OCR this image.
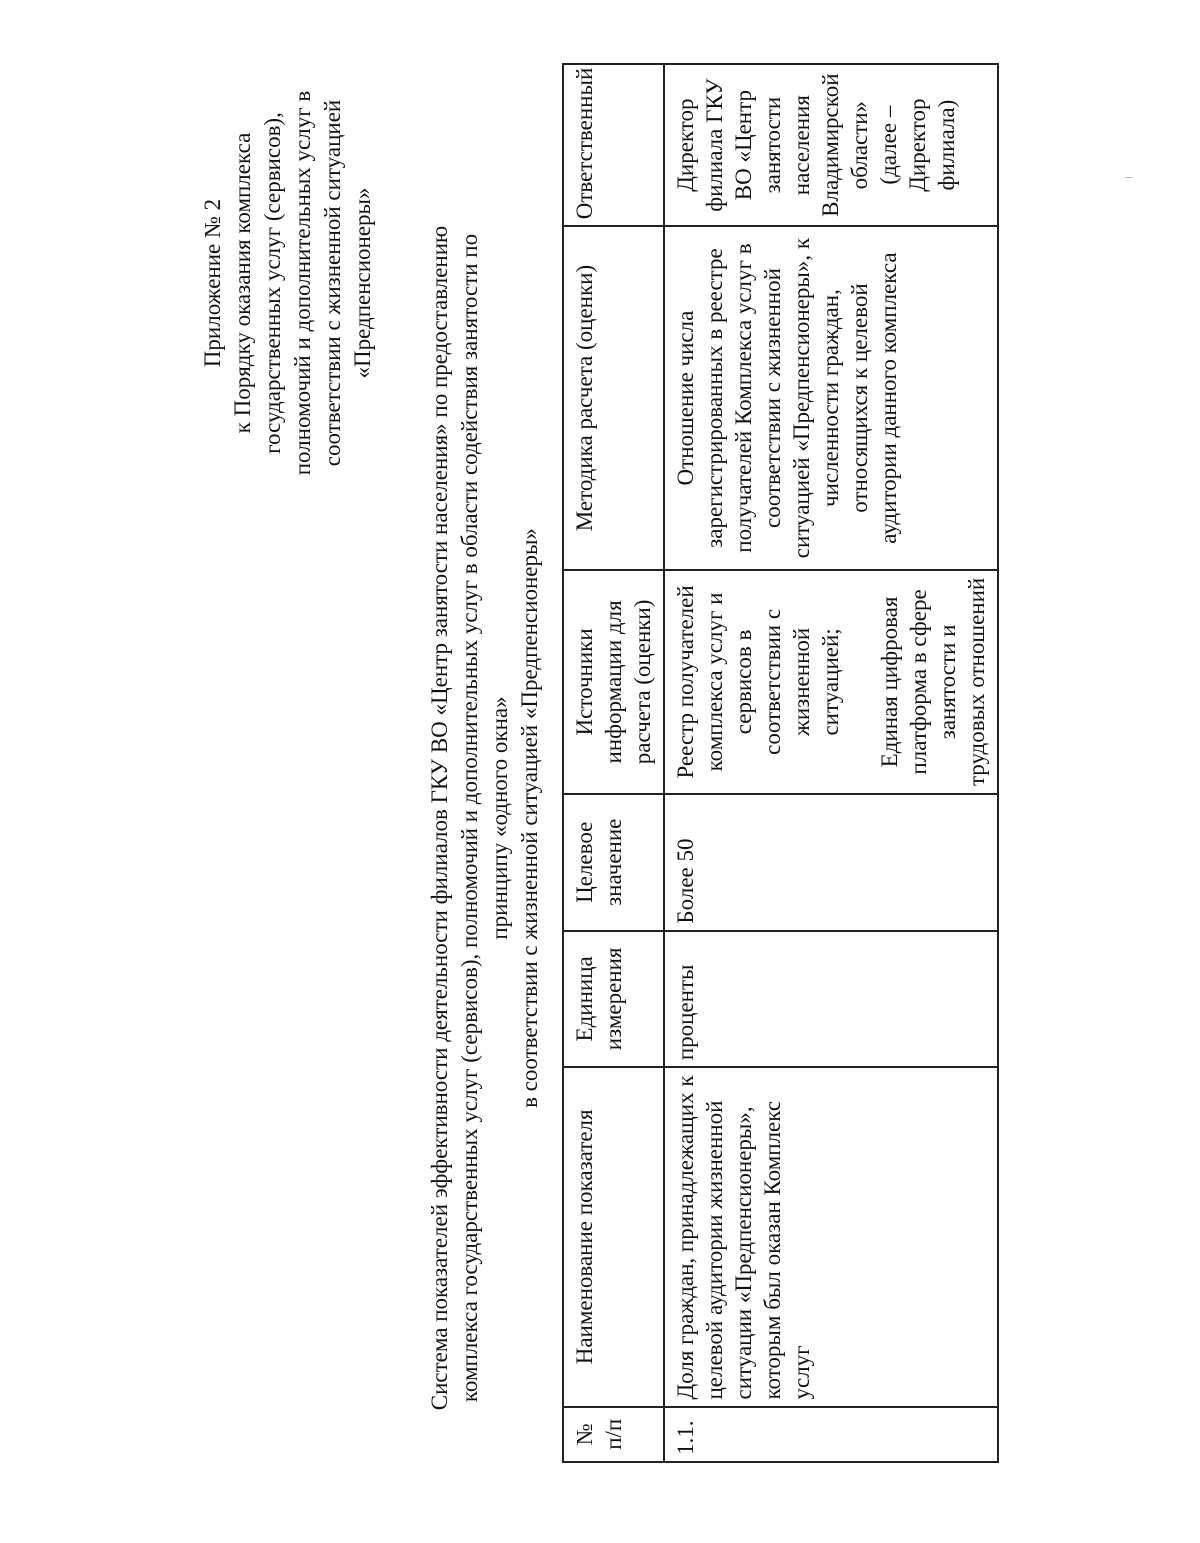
Приложение № 2 к Порядку оказания комплекса государственных услуг (сервисов), полномочий и дополнительных услуг в соответствии с жизненной ситуацией «Предпенсионеры» Система показателей эффективности деятельности филиалов ГКУ ВО «Центр занятости населения» по предоставлению комплекса государственных услуг (сервисов), полномочий и дополнительных услуг в области содействия занятости по принципу «одного окна» в соответствии с жизненной ситуацией «Предпенсионеры»
№ п/п	Наименование показателя	Единица измерения	Целевое значение	Источники информации для расчета (оценки)	Методика расчета (оценки)	Ответственный
1.1.	Доля граждан, принадлежащих к целевой аудитории жизненной ситуации «Предпенсионеры», которым был оказан Комплекс услуг	проценты	Более 50	Реестр получателей комплекса услуг и сервисов в соответствии с жизненной ситуацией; Единая цифровая платформа в сфере занятости и трудовых отношений	Отношение числа зарегистрированных в реестре получателей Комплекса услуг в соответствии с жизненной ситуацией «Предпенсионеры», к численности граждан, относящихся к целевой аудитории данного комплекса	Директор филиала ГКУ ВО «Центр занятости населения Владимирской области» (далее – Директор филиала)
